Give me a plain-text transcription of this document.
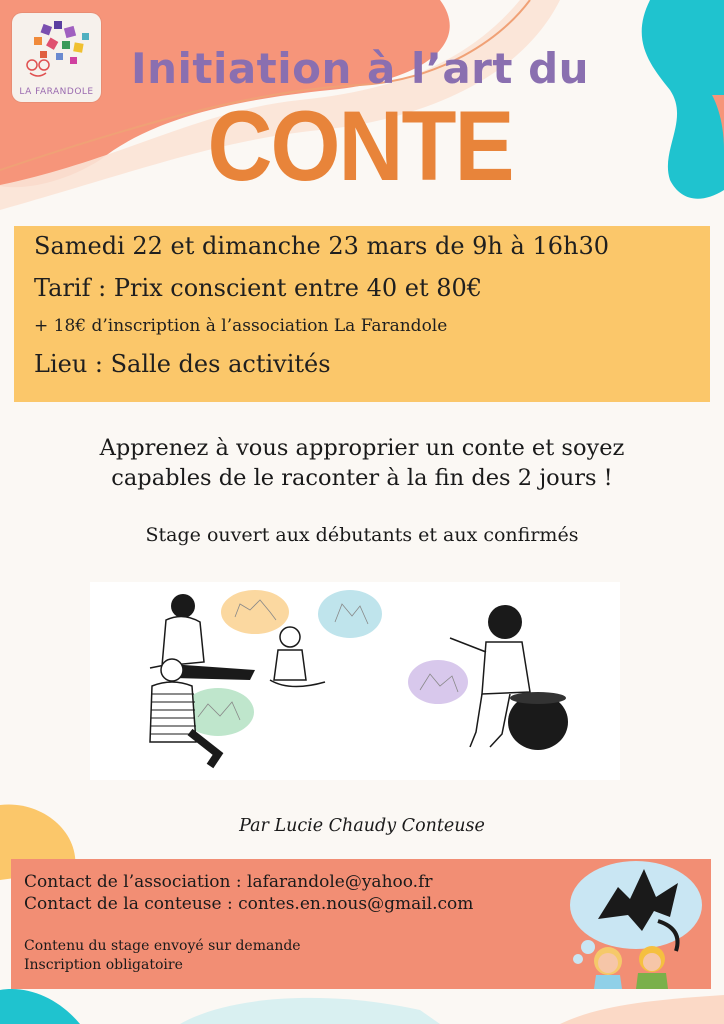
LA FARANDOLE Initiation à l’art du
CONTE
Samedi 22 et dimanche 23 mars de 9h à 16h30
Tarif : Prix conscient entre 40 et 80€
+ 18€ d’inscription à l’association La Farandole
Lieu : Salle des activités
Apprenez à vous approprier un conte et soyez
capables de le raconter à la fin des 2 jours !
Stage ouvert aux débutants et aux confirmés
Par Lucie Chaudy Conteuse
Contact de l’association : lafarandole@yahoo.fr
Contact de la conteuse : contes.en.nous@gmail.com
Contenu du stage envoyé sur demande
Inscription obligatoire
